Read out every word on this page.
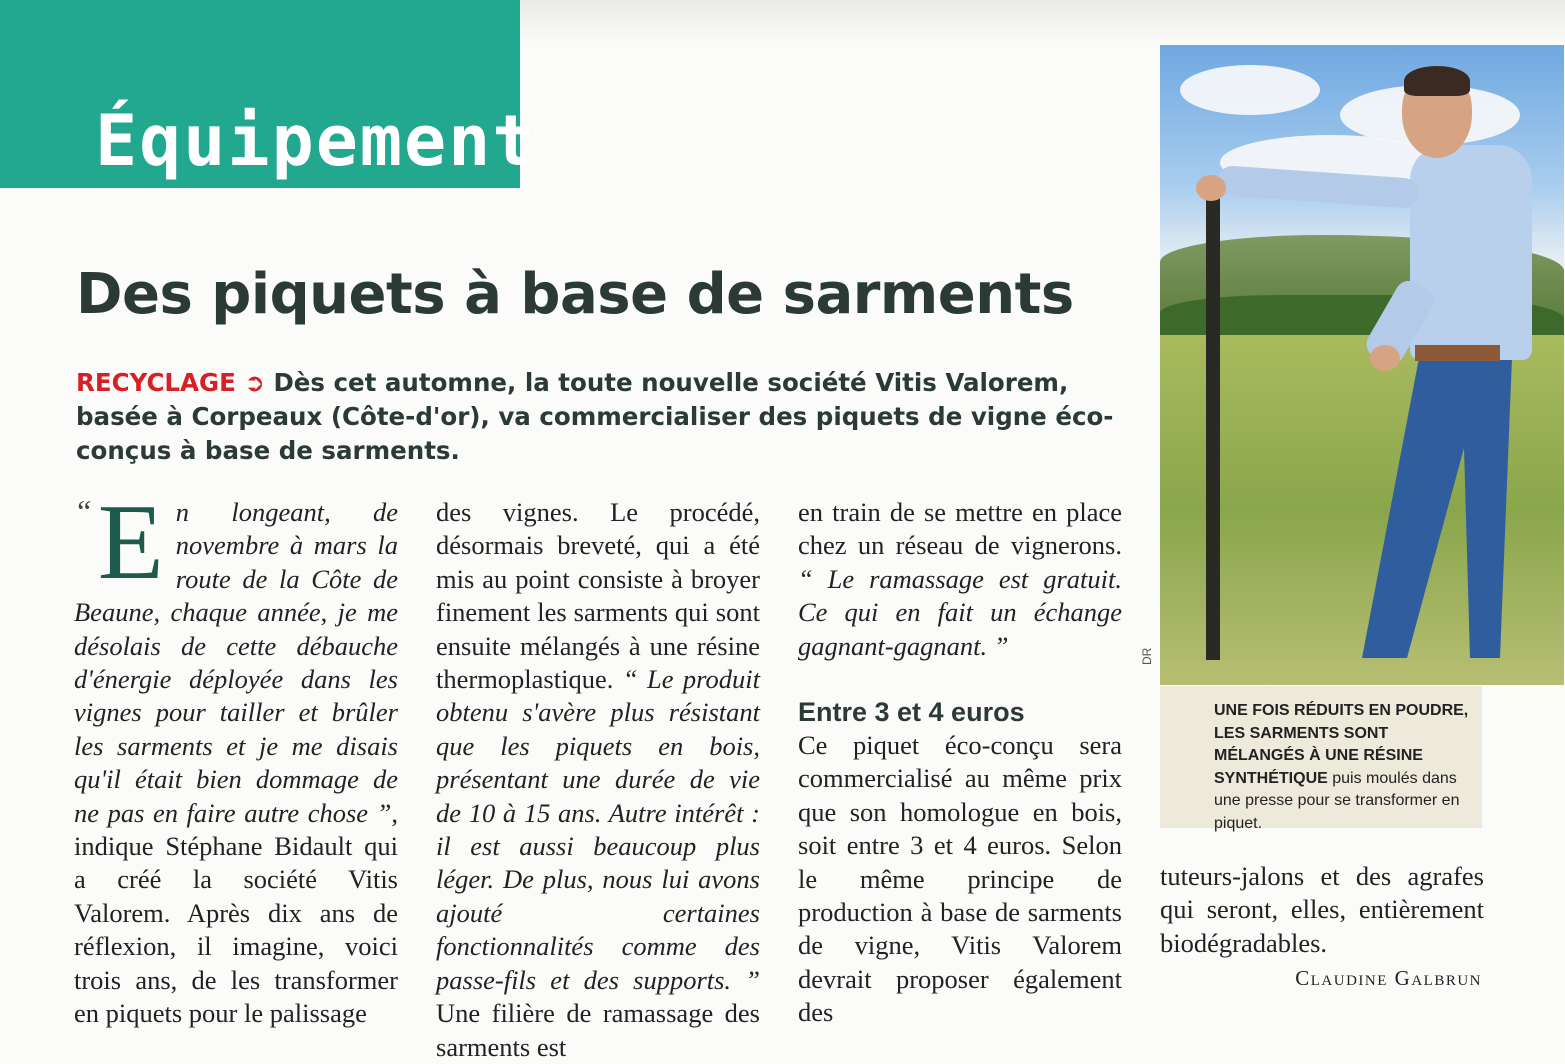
Équipement
Des piquets à base de sarments
RECYCLAGE ➲ Dès cet automne, la toute nouvelle société Vitis Valorem, basée à Corpeaux (Côte-d'or), va commercialiser des piquets de vigne éco-conçus à base de sarments.

“ E n longeant, de novembre à mars la route de la Côte de Beaune, chaque année, je me désolais de cette débauche d'énergie déployée dans les vignes pour tailler et brûler les sarments et je me disais qu'il était bien dommage de ne pas en faire autre chose ”, indique Stéphane Bidault qui a créé la société Vitis Valorem. Après dix ans de réflexion, il imagine, voici trois ans, de les transformer en piquets pour le palissage

des vignes. Le procédé, désormais breveté, qui a été mis au point consiste à broyer finement les sarments qui sont ensuite mélangés à une résine thermoplastique. “ Le produit obtenu s'avère plus résistant que les piquets en bois, présentant une durée de vie de 10 à 15 ans. Autre intérêt : il est aussi beaucoup plus léger. De plus, nous lui avons ajouté certaines fonctionnalités comme des passe-fils et des supports. ” Une filière de ramassage des sarments est

en train de se mettre en place chez un réseau de vignerons. “ Le ramassage est gratuit. Ce qui en fait un échange gagnant-gagnant. ”

Entre 3 et 4 euros

Ce piquet éco-conçu sera commercialisé au même prix que son homologue en bois, soit entre 3 et 4 euros. Selon le même principe de production à base de sarments de vigne, Vitis Valorem devrait proposer également des

DR
UNE FOIS RÉDUITS EN POUDRE, LES SARMENTS SONT MÉLANGÉS À UNE RÉSINE SYNTHÉTIQUE puis moulés dans une presse pour se transformer en piquet.

tuteurs-jalons et des agrafes qui seront, elles, entièrement biodégradables.

Claudine Galbrun
